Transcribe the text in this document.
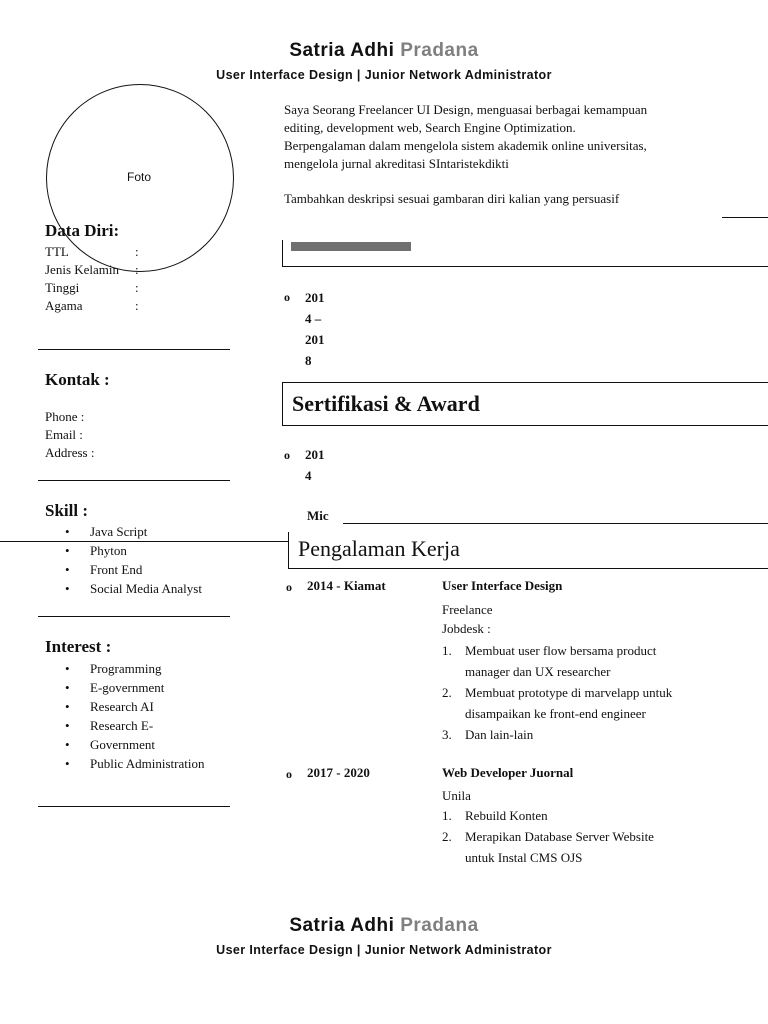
Satria Adhi Pradana
User Interface Design | Junior Network Administrator
Foto
Saya Seorang Freelancer UI Design, menguasai berbagai kemampuan
editing, development web, Search Engine Optimization.
Berpengalaman dalam mengelola sistem akademik online universitas,
mengelola jurnal akreditasi SIntaristekdikti
Tambahkan deskripsi sesuai gambaran diri kalian yang persuasif
Data Diri:
TTL	:
Jenis Kelamin :
Tinggi	:
Agama	:
Kontak :
Phone :
Email :
Address :
Skill :
• Java Script
• Phyton
• Front End
• Social Media Analyst
Interest :
• Programming
• E-government
• Research AI
• Research E-
• Government
• Public Administration
o 201
4 –
201
8
Sertifikasi & Award
o 201
4
Mic
Pengalaman Kerja
o 2014 - Kiamat	User Interface Design
Freelance
Jobdesk :
1. Membuat user flow bersama product
manager dan UX researcher
2. Membuat prototype di marvelapp untuk
disampaikan ke front-end engineer
3. Dan lain-lain
o 2017 - 2020	Web Developer Juornal
Unila
1. Rebuild Konten
2. Merapikan Database Server Website
untuk Instal CMS OJS
Satria Adhi Pradana
User Interface Design | Junior Network Administrator
